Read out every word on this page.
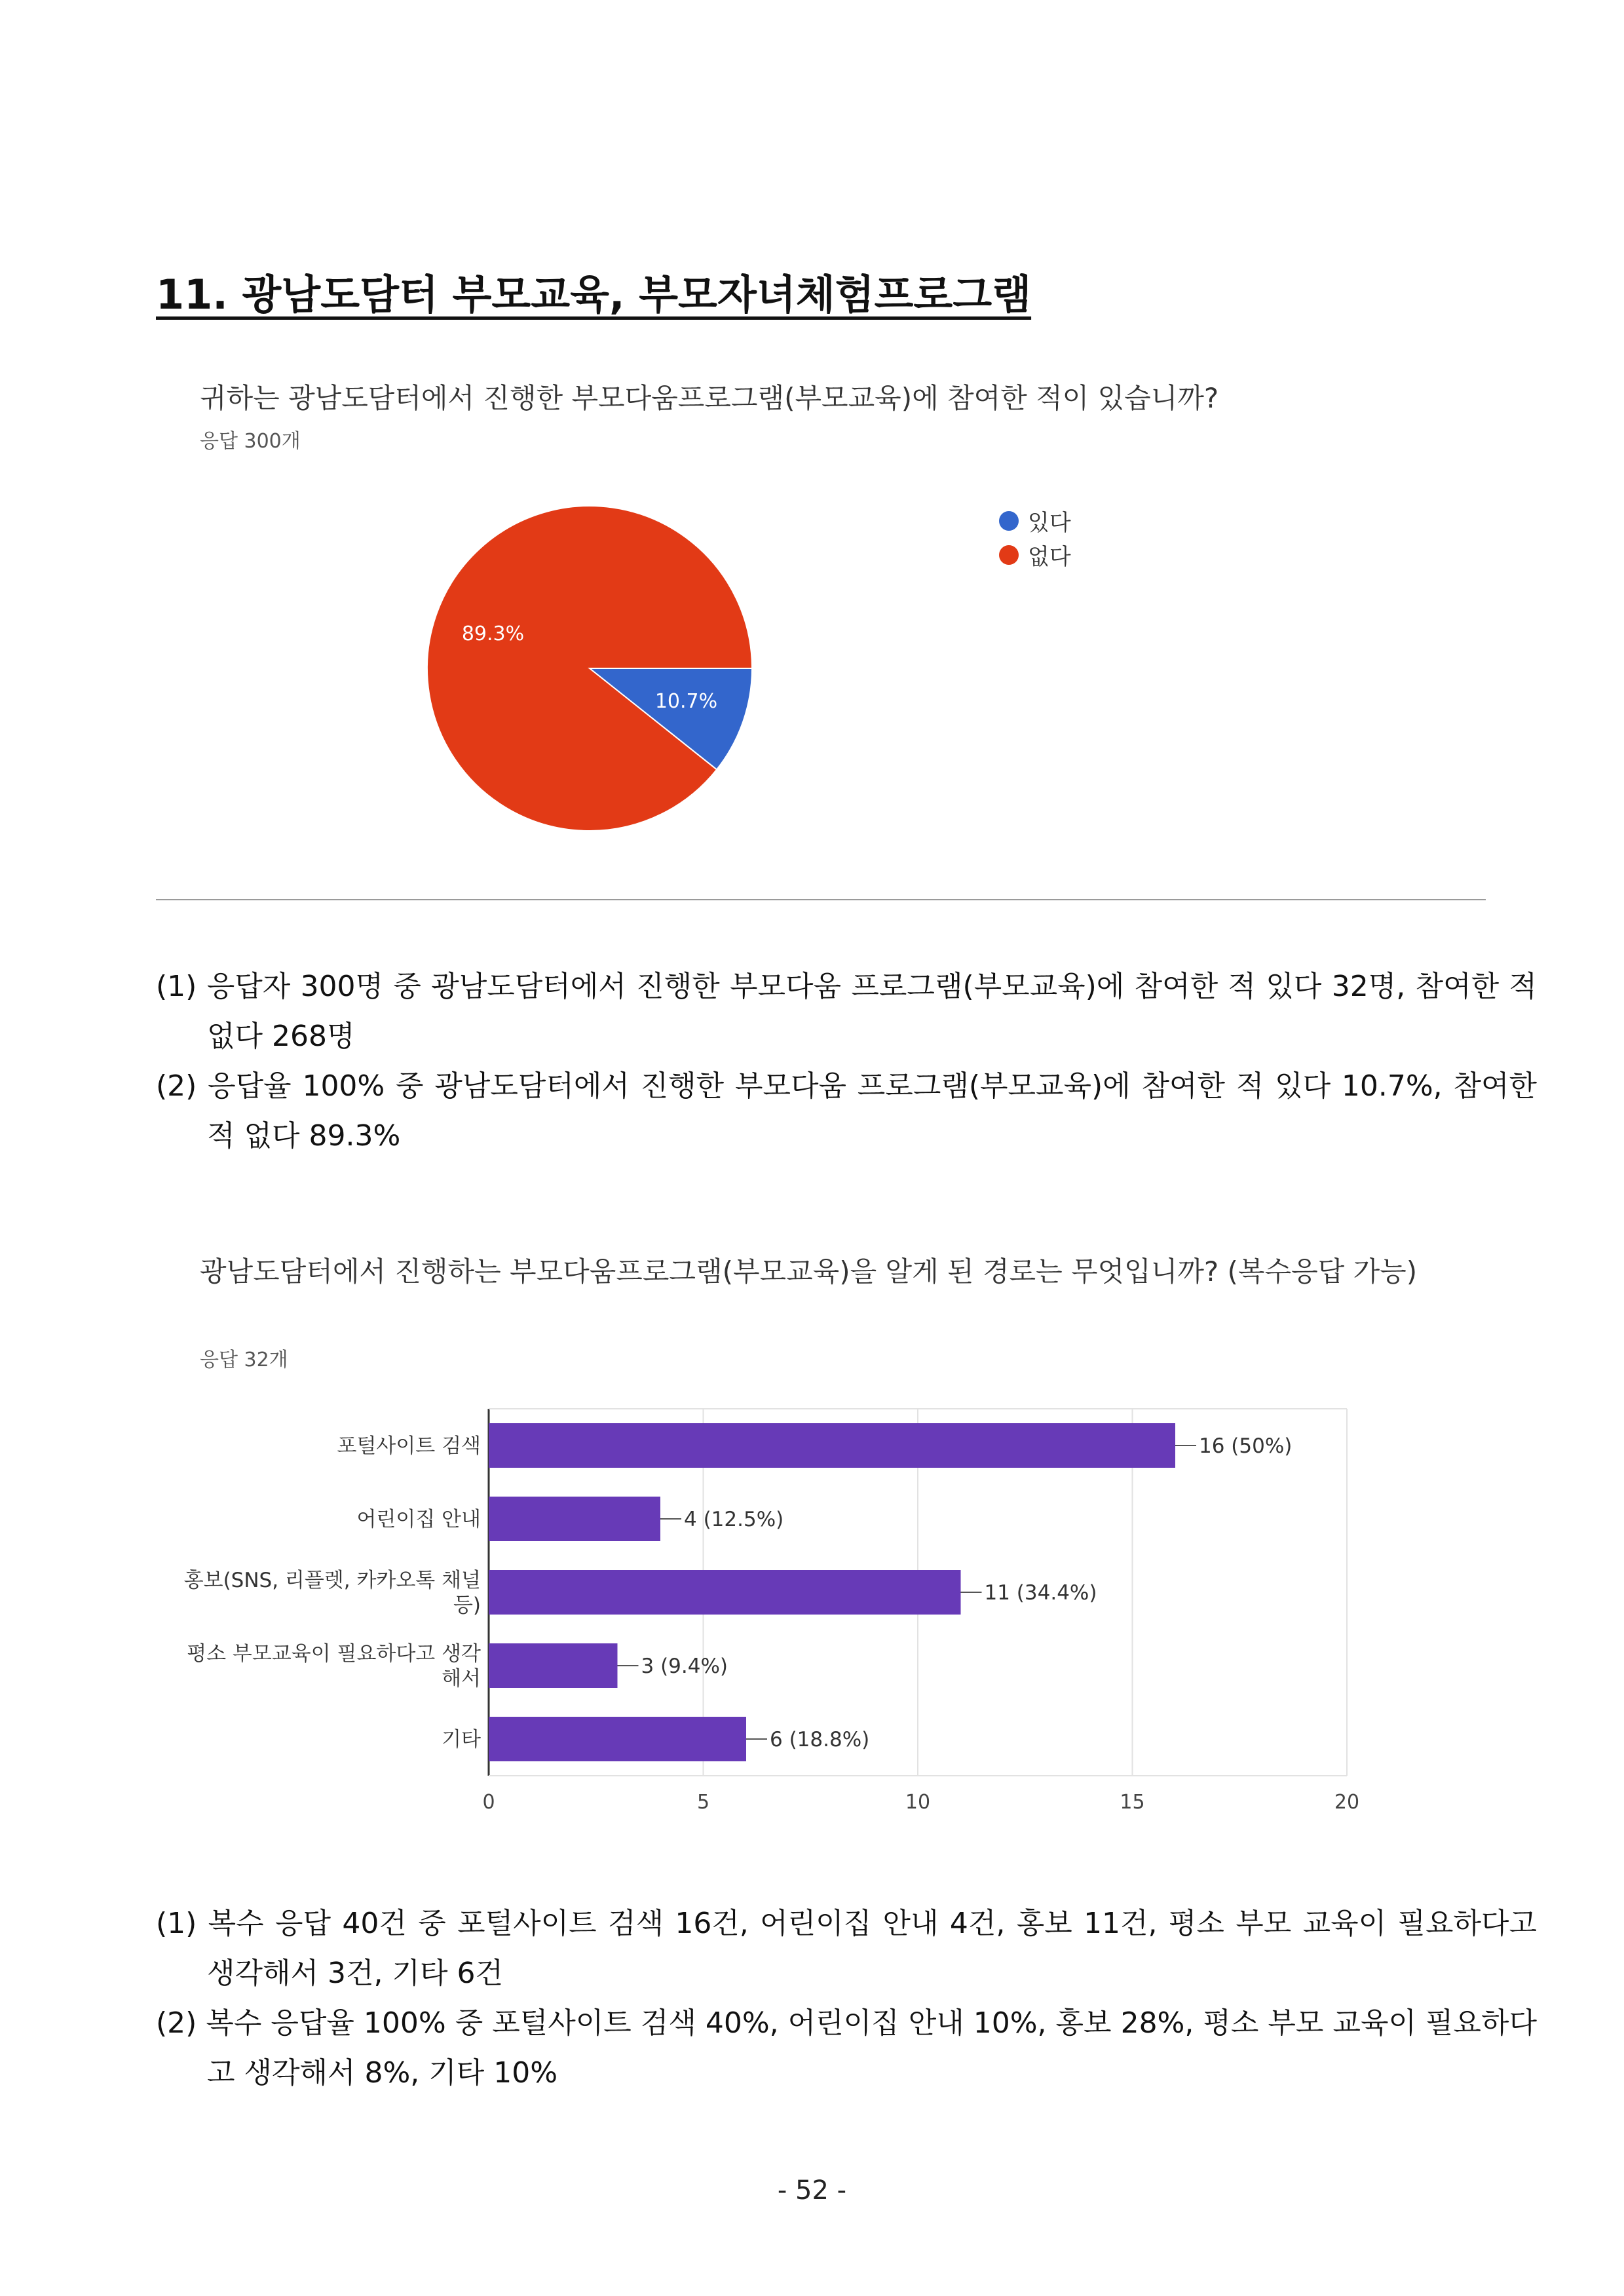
11. 광남도담터 부모교육, 부모자녀체험프로그램
귀하는 광남도담터에서 진행한 부모다움프로그램(부모교육)에 참여한 적이 있습니까?
응답 300개
10.7%
89.3%
있다
없다
(1) 응답자 300명 중 광남도담터에서 진행한 부모다움 프로그램(부모교육)에 참여한 적 있다 32명, 참여한 적 없다 268명
(2) 응답율 100% 중 광남도담터에서 진행한 부모다움 프로그램(부모교육)에 참여한 적 있다 10.7%, 참여한 적 없다 89.3%
광남도담터에서 진행하는 부모다움프로그램(부모교육)을 알게 된 경로는 무엇입니까? (복수응답 가능)
응답 32개
0	5	10	15	20
16 (50%)
포털사이트 검색
4 (12.5%)
어린이집 안내
11 (34.4%)
홍보(SNS, 리플렛, 카카오톡 채널 등)
3 (9.4%)
평소 부모교육이 필요하다고 생각 해서
6 (18.8%)
기타
(1) 복수 응답 40건 중 포털사이트 검색 16건, 어린이집 안내 4건, 홍보 11건, 평소 부모 교육이 필요하다고 생각해서 3건, 기타 6건
(2) 복수 응답율 100% 중 포털사이트 검색 40%, 어린이집 안내 10%, 홍보 28%, 평소 부모 교육이 필요하다고 생각해서 8%, 기타 10%
- 52 -
